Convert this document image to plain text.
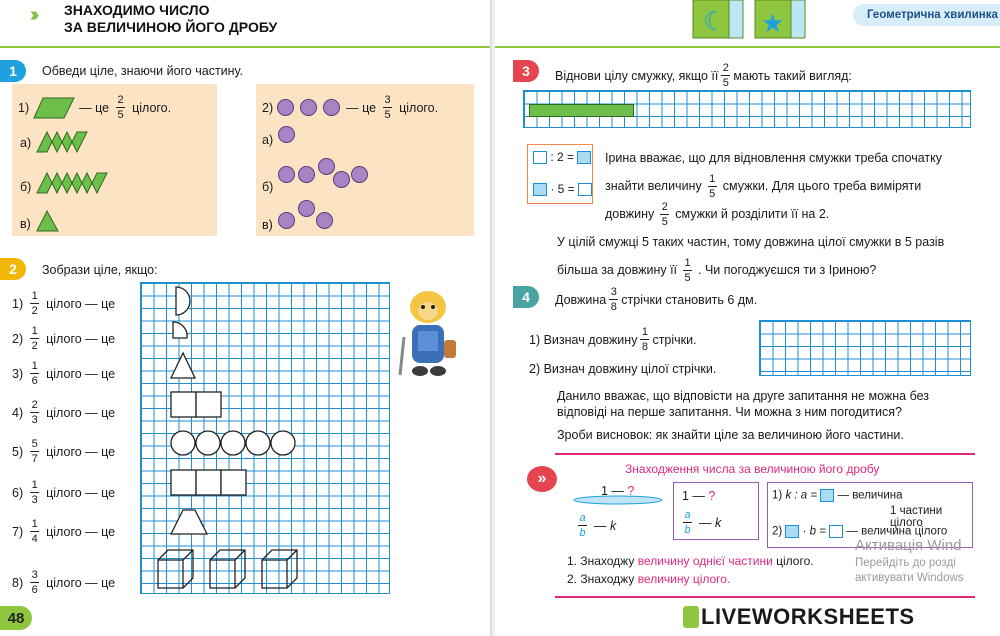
›› ЗНАХОДИМО ЧИСЛО
ЗА ВЕЛИЧИНОЮ ЙОГО ДРОБУ
1	Обведи ціле, знаючи його частину.
1)	— це $\frac{2}{5}$ цілого.
а)
б)
в)
2)	— це $\frac{3}{5}$ цілого.
а)
б)
в)
2	Зобрази ціле, якщо:
$1) \frac{1}{2}$ цілого — це
$2) \frac{1}{2}$ цілого — це
$3) \frac{1}{6}$ цілого — це
$4) \frac{2}{3}$ цілого — це
$5) \frac{5}{7}$ цілого — це
$6) \frac{1}{3}$ цілого — це
$7) \frac{1}{4}$ цілого — це
$8) \frac{3}{6}$ цілого — це
48
☾ ★	Геометрична хвилинка
3	Віднови цілу смужку, якщо її $\frac{2}{5}$ мають такий вигляд:
: 2 =
· 5 =
Ірина вважає, що для відновлення смужки треба спочатку
знайти величину $\frac{1}{5}$ смужки. Для цього треба виміряти
довжину $\frac{2}{5}$ смужки й розділити її на 2.
У цілій смужці 5 таких частин, тому довжина цілої смужки в 5 разів
більша за довжину її $\frac{1}{5}$ . Чи погоджуєшся ти з Іриною?
4	Довжина $\frac{3}{8}$ стрічки становить 6 дм.
1) Визнач довжину $\frac{1}{8}$ стрічки.
2) Визнач довжину цілої стрічки.
Данило вважає, що відповісти на друге запитання не можна без
відповіді на перше запитання. Чи можна з ним погодитися?
Зроби висновок: як знайти ціле за величиною його частини.
»
Знаходження числа за величиною його дробу
1 — ?
$\frac{a}{b}$ — k
1 — ?
$\frac{a}{b}$ — k
1) k : a = — величина
1 частини цілого
2) · b = — величина цілого
1. Знаходжу величину однієї частини цілого.
2. Знаходжу величину цілого.
Активація Wind
Перейдіть до розді
активувати Windows
LIVEWORKSHEETS
